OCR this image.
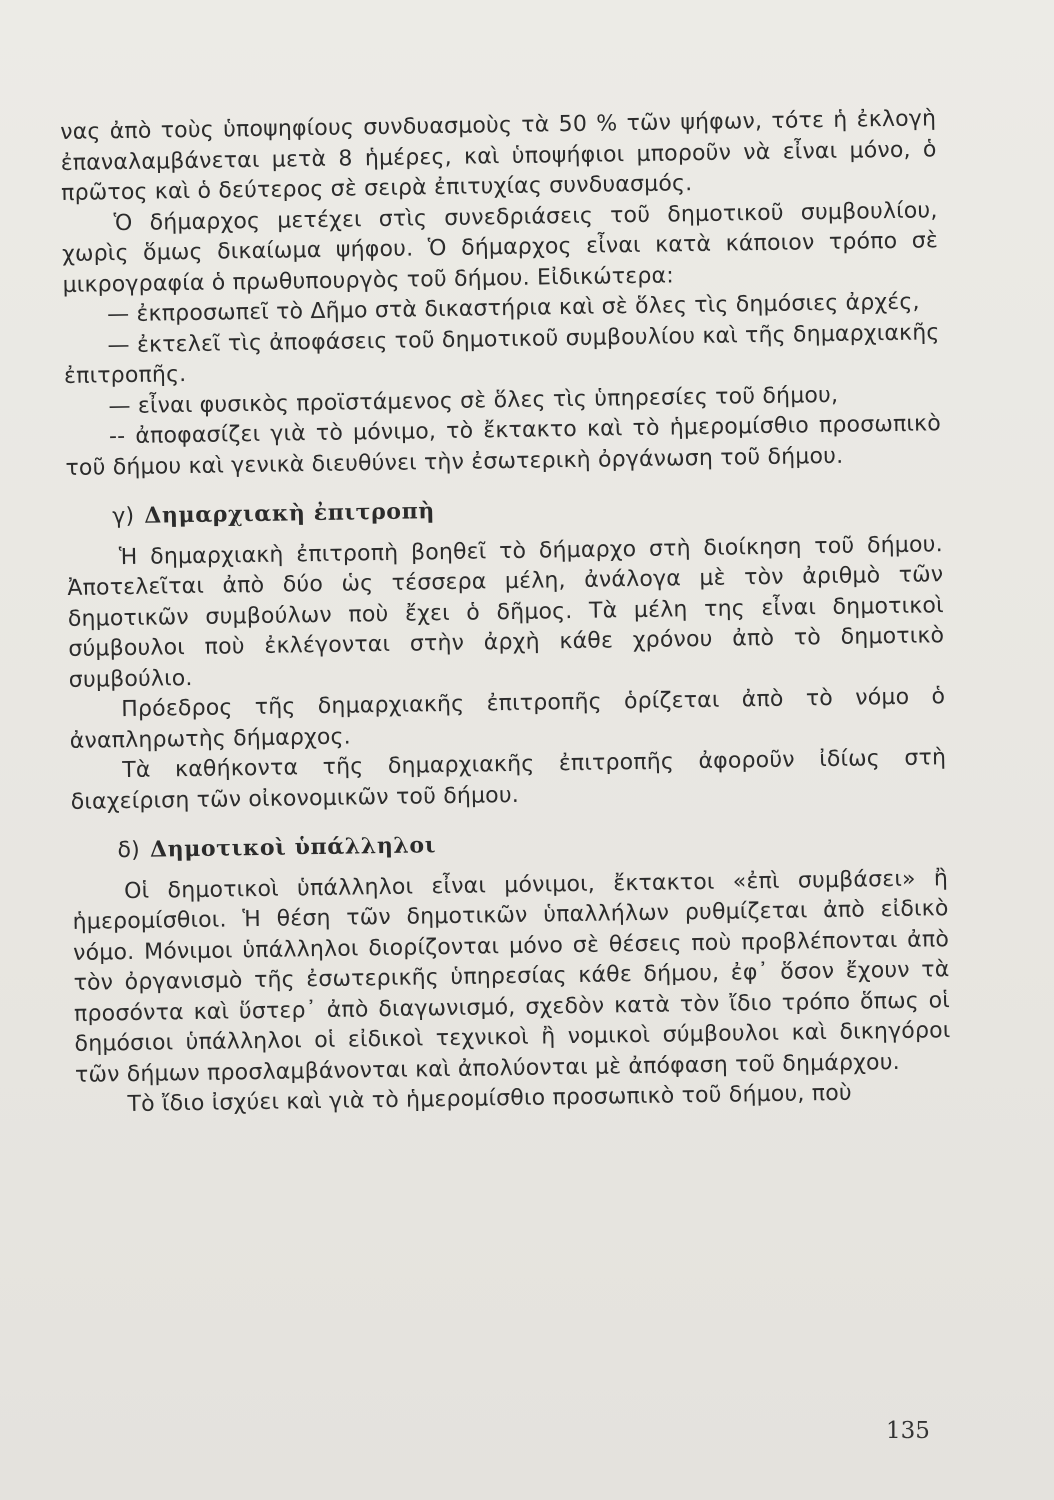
νας ἀπὸ τοὺς ὑποψηφίους συνδυασμοὺς τὰ 50 % τῶν ψήφων, τότε ἡ ἐκλογὴ ἐπαναλαμβάνεται μετὰ 8 ἡμέρες, καὶ ὑποψήφιοι μποροῦν νὰ εἶναι μόνο, ὁ πρῶτος καὶ ὁ δεύτερος σὲ σειρὰ ἐπιτυχίας συνδυασμός.

Ὁ δήμαρχος μετέχει στὶς συνεδριάσεις τοῦ δημοτικοῦ συμβουλίου, χωρὶς ὅμως δικαίωμα ψήφου. Ὁ δήμαρχος εἶναι κατὰ κάποιον τρόπο σὲ μικρογραφία ὁ πρωθυπουργὸς τοῦ δήμου. Εἰδικώτερα:

— ἐκπροσωπεῖ τὸ Δῆμο στὰ δικαστήρια καὶ σὲ ὅλες τὶς δημόσιες ἀρχές,

— ἐκτελεῖ τὶς ἀποφάσεις τοῦ δημοτικοῦ συμβουλίου καὶ τῆς δημαρχιακῆς ἐπιτροπῆς.

— εἶναι φυσικὸς προϊστάμενος σὲ ὅλες τὶς ὑπηρεσίες τοῦ δήμου,

-- ἀποφασίζει γιὰ τὸ μόνιμο, τὸ ἔκτακτο καὶ τὸ ἡμερομίσθιο προσωπικὸ τοῦ δήμου καὶ γενικὰ διευθύνει τὴν ἐσωτερικὴ ὀργάνωση τοῦ δήμου.

γ) Δημαρχιακὴ ἐπιτροπὴ

Ἡ δημαρχιακὴ ἐπιτροπὴ βοηθεῖ τὸ δήμαρχο στὴ διοίκηση τοῦ δήμου. Ἀποτελεῖται ἀπὸ δύο ὡς τέσσερα μέλη, ἀνάλογα μὲ τὸν ἀριθμὸ τῶν δημοτικῶν συμβούλων ποὺ ἔχει ὁ δῆμος. Τὰ μέλη της εἶναι δημοτικοὶ σύμβουλοι ποὺ ἐκλέγονται στὴν ἀρχὴ κάθε χρόνου ἀπὸ τὸ δημοτικὸ συμβούλιο.

Πρόεδρος τῆς δημαρχιακῆς ἐπιτροπῆς ὁρίζεται ἀπὸ τὸ νόμο ὁ ἀναπληρωτὴς δήμαρχος.

Τὰ καθήκοντα τῆς δημαρχιακῆς ἐπιτροπῆς ἀφοροῦν ἰδίως στὴ διαχείριση τῶν οἰκονομικῶν τοῦ δήμου.

δ) Δημοτικοὶ ὑπάλληλοι

Οἱ δημοτικοὶ ὑπάλληλοι εἶναι μόνιμοι, ἔκτακτοι «ἐπὶ συμβάσει» ἢ ἡμερομίσθιοι. Ἡ θέση τῶν δημοτικῶν ὑπαλλήλων ρυθμίζεται ἀπὸ εἰδικὸ νόμο. Μόνιμοι ὑπάλληλοι διορίζονται μόνο σὲ θέσεις ποὺ προβλέπονται ἀπὸ τὸν ὀργανισμὸ τῆς ἐσωτερικῆς ὑπηρεσίας κάθε δήμου, ἐφ᾽ ὅσον ἔχουν τὰ προσόντα καὶ ὕστερ᾽ ἀπὸ διαγωνισμό, σχεδὸν κατὰ τὸν ἴδιο τρόπο ὅπως οἱ δημόσιοι ὑπάλληλοι οἱ εἰδικοὶ τεχνικοὶ ἢ νομικοὶ σύμβουλοι καὶ δικηγόροι τῶν δήμων προσλαμβάνονται καὶ ἀπολύονται μὲ ἀπόφαση τοῦ δημάρχου.

Τὸ ἴδιο ἰσχύει καὶ γιὰ τὸ ἡμερομίσθιο προσωπικὸ τοῦ δήμου, ποὺ

135
